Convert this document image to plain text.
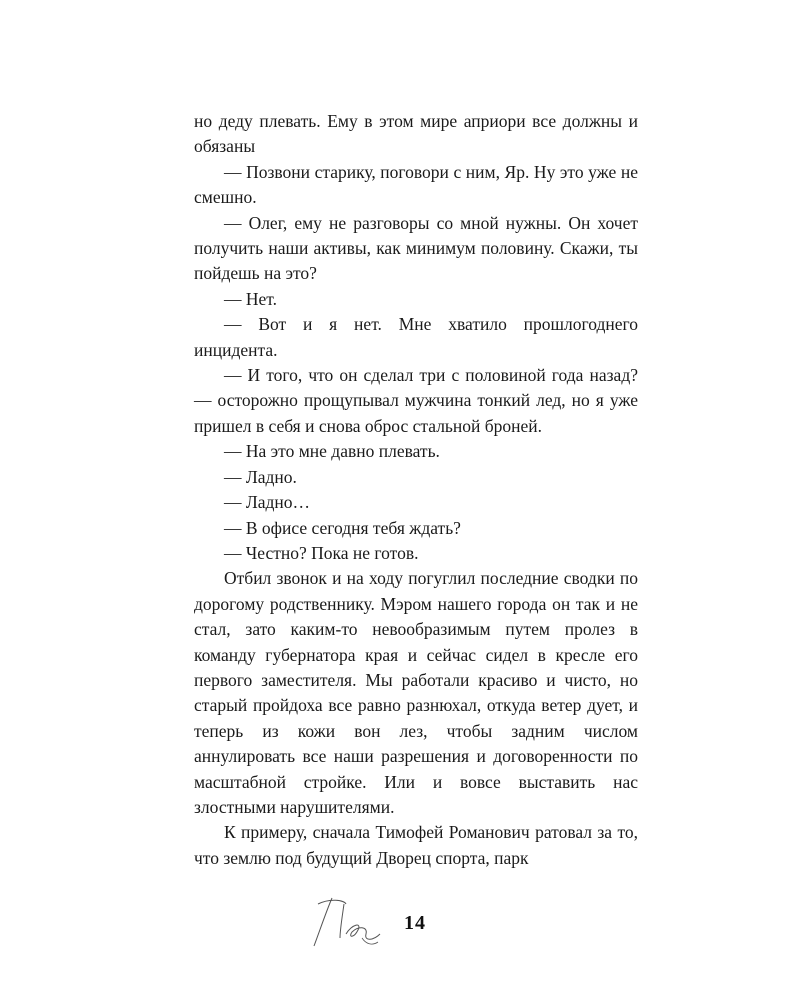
но деду плевать. Ему в этом мире априори все должны и обязаны

— Позвони старику, поговори с ним, Яр. Ну это уже не смешно.

— Олег, ему не разговоры со мной нужны. Он хочет получить наши активы, как минимум половину. Скажи, ты пойдешь на это?

— Нет.

— Вот и я нет. Мне хватило прошлогоднего инцидента.

— И того, что он сделал три с половиной года назад? — осторожно прощупывал мужчина тонкий лед, но я уже пришел в себя и снова оброс стальной броней.

— На это мне давно плевать.

— Ладно.

— Ладно…

— В офисе сегодня тебя ждать?

— Честно? Пока не готов.

Отбил звонок и на ходу погуглил последние сводки по дорогому родственнику. Мэром нашего города он так и не стал, зато каким-то невообразимым путем пролез в команду губернатора края и сейчас сидел в кресле его первого заместителя. Мы работали красиво и чисто, но старый пройдоха все равно разнюхал, откуда ветер дует, и теперь из кожи вон лез, чтобы задним числом аннулировать все наши разрешения и договоренности по масштабной стройке. Или и вовсе выставить нас злостными нарушителями.

К примеру, сначала Тимофей Романович ратовал за то, что землю под будущий Дворец спорта, парк

14
